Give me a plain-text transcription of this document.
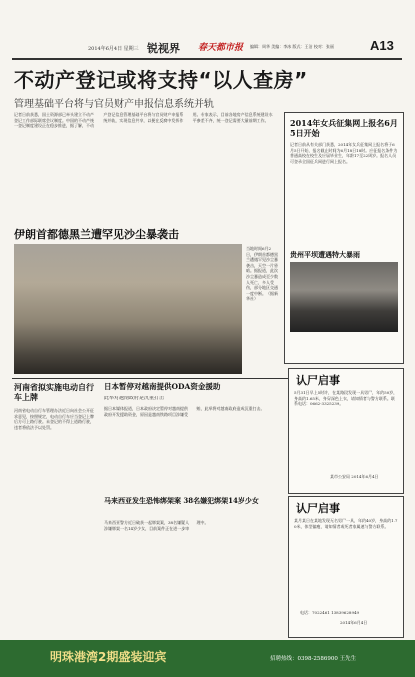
2014年6月4日 星期三 锐视界 春天都市报 编辑：周华 美编：李冰 版式：王洁 校对：张丽	A13
不动产登记或将支持“以人查房”
管理基础平台将与官员财产申报信息系统并轨
记者日前获悉，国土资源部已牵头建立不动产登记工作部际联席会议制度。中国的不动产统一登记制度建设正在稳步推进，据了解，不动产登记信息管理基础平台将与官员财产申报系统并轨，实现信息共享，以便在反腐中发挥作用。专家表示，目前各地房产信息系统建设水平参差不齐，统一登记需要大量前期工作。	2014年女兵征集网上报名6月5日开始
记者日前从有关部门获悉，2014年女兵征集网上报名将于6月5日开始，报名截止时间为6月18日18时。应征报名条件为普通高校在校生及应届毕业生，年龄17至22周岁。报名人员可登录全国征兵网进行网上报名。
贵州平坝遭遇特大暴雨
伊朗首都德黑兰遭罕见沙尘暴袭击
当地时间6月2日，伊朗首都德黑兰遭遇罕见沙尘暴袭击，天空一片昏暗。据报道，此次沙尘暴造成至少数人死亡，多人受伤，部分地区交通一度中断。（据新华社）
河南省拟实施电动自行车上牌
河南省电动自行车管理办法近日向社会公开征求意见，按照规定，电动自行车应当登记上牌后方可上路行驶。未登记的不得上道路行驶，违者将依法予以处罚。
日本暂停对越南提供ODA资金援助
此举对越南政府是沉重打击
据日本媒体报道，日本政府决定暂停对越南提供政府开发援助资金，原因是越南铁路项目涉嫌受贿，此举将对越南政府造成沉重打击。
马来西亚发生恐怖绑架案 38名嫌犯绑架14岁少女
马来西亚警方近日破获一起绑架案，38名嫌疑人涉嫌绑架一名14岁少女，目前案件正在进一步审理中。
认尸启事
5月31日早上5时许，在某路段发现一具男尸，年约50岁，身高约1.65米，身穿深色上衣，请知情者与警方联系。联系电话：0662-3325239。
某市公安局 2014年6月4日
认尸启事
某月某日在某地发现无名男尸一具，年约40岁，身高约1.70米，体型偏瘦，请知情者或死者家属速与警方联系。
电话：7022461 13839628949
2014年6月4日
明珠港湾2期盛装迎宾	招聘热线：0398-2586900 王先生
